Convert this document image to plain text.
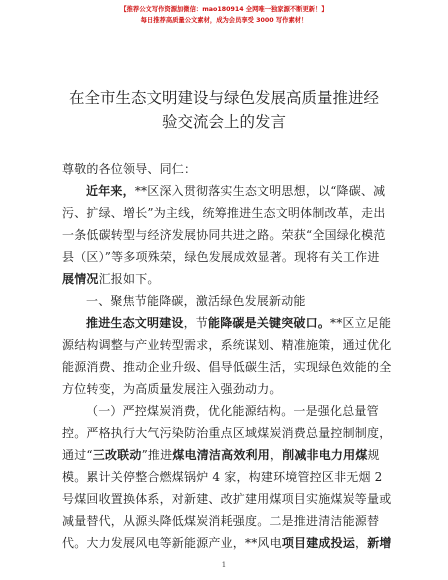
【推荐公文写作资源加微信：mao180914 全网唯一独家源不断更新！】
每日推荐高质量公文素材，成为会员享受 3000 写作素材！
在全市生态文明建设与绿色发展高质量推进经
验交流会上的发言
尊敬的各位领导、同仁：
近年来，**区深入贯彻落实生态文明思想，以“降碳、减
污、扩绿、增长”为主线，统筹推进生态文明体制改革，走出
一条低碳转型与经济发展协同共进之路。荣获“全国绿化模范
县（区）”等多项殊荣，绿色发展成效显著。现将有关工作进
展情况汇报如下。
一、聚焦节能降碳，激活绿色发展新动能
推进生态文明建设，节能降碳是关键突破口。**区立足能
源结构调整与产业转型需求，系统谋划、精准施策，通过优化
能源消费、推动企业升级、倡导低碳生活，实现绿色效能的全
方位转变，为高质量发展注入强劲动力。
（一）严控煤炭消费，优化能源结构。一是强化总量管
控。严格执行大气污染防治重点区域煤炭消费总量控制制度，
通过“三改联动”推进煤电清洁高效利用，削减非电力用煤规
模。累计关停整合燃煤锅炉 4 家，构建环境管控区非无烟 2
号煤回收置换体系，对新建、改扩建用煤项目实施煤炭等量或
减量替代，从源头降低煤炭消耗强度。二是推进清洁能源替
代。大力发展风电等新能源产业，**风电项目建成投运，新增
1
